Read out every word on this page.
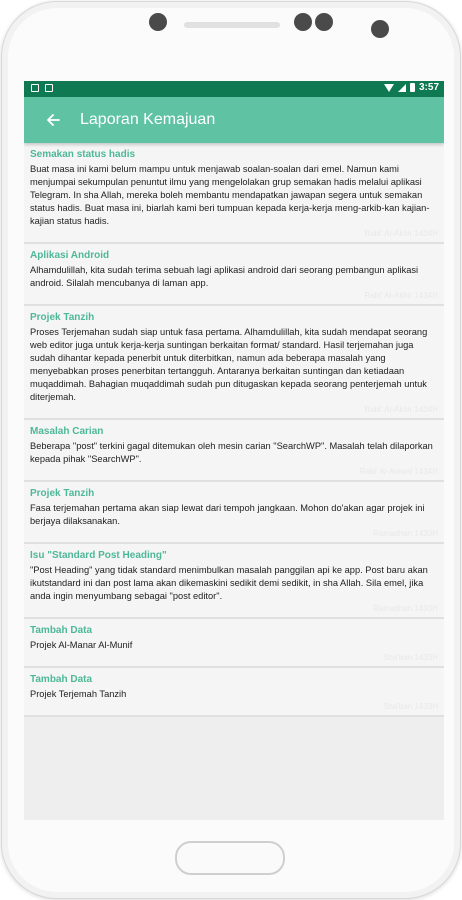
3:57
Laporan Kemajuan
Semakan status hadis
Buat masa ini kami belum mampu untuk menjawab soalan-soalan dari emel. Namun kami menjumpai sekumpulan penuntut ilmu yang mengelolakan grup semakan hadis melalui aplikasi Telegram. In sha Allah, mereka boleh membantu mendapatkan jawapan segera untuk semakan status hadis. Buat masa ini, biarlah kami beri tumpuan kepada kerja-kerja meng-arkib-kan kajian-kajian status hadis.
Rabi' Al-Akhir 1434H
Aplikasi Android
Alhamdulillah, kita sudah terima sebuah lagi aplikasi android dari seorang pembangun aplikasi android. Silalah mencubanya di laman app.
Rabi' Al-Akhir 1434H
Projek Tanzih
Proses Terjemahan sudah siap untuk fasa pertama. Alhamdulillah, kita sudah mendapat seorang web editor juga untuk kerja-kerja suntingan berkaitan format/ standard. Hasil terjemahan juga sudah dihantar kepada penerbit untuk diterbitkan, namun ada beberapa masalah yang menyebabkan proses penerbitan tertangguh. Antaranya berkaitan suntingan dan ketiadaan muqaddimah. Bahagian muqaddimah sudah pun ditugaskan kepada seorang penterjemah untuk diterjemah.
Rabi' Al-Akhir 1434H
Masalah Carian
Beberapa "post" terkini gagal ditemukan oleh mesin carian "SearchWP". Masalah telah dilaporkan kepada pihak "SearchWP".
Rabi' Al-Awwal 1434H
Projek Tanzih
Fasa terjemahan pertama akan siap lewat dari tempoh jangkaan. Mohon do'akan agar projek ini berjaya dilaksanakan.
Ramadhan 1433H
Isu "Standard Post Heading"
"Post Heading" yang tidak standard menimbulkan masalah panggilan api ke app. Post baru akan ikutstandard ini dan post lama akan dikemaskini sedikit demi sedikit, in sha Allah. Sila emel, jika anda ingin menyumbang sebagai "post editor".
Ramadhan 1433H
Tambah Data
Projek Al-Manar Al-Munif
Sha'ban 1433H
Tambah Data
Projek Terjemah Tanzih
Sha'ban 1433H
